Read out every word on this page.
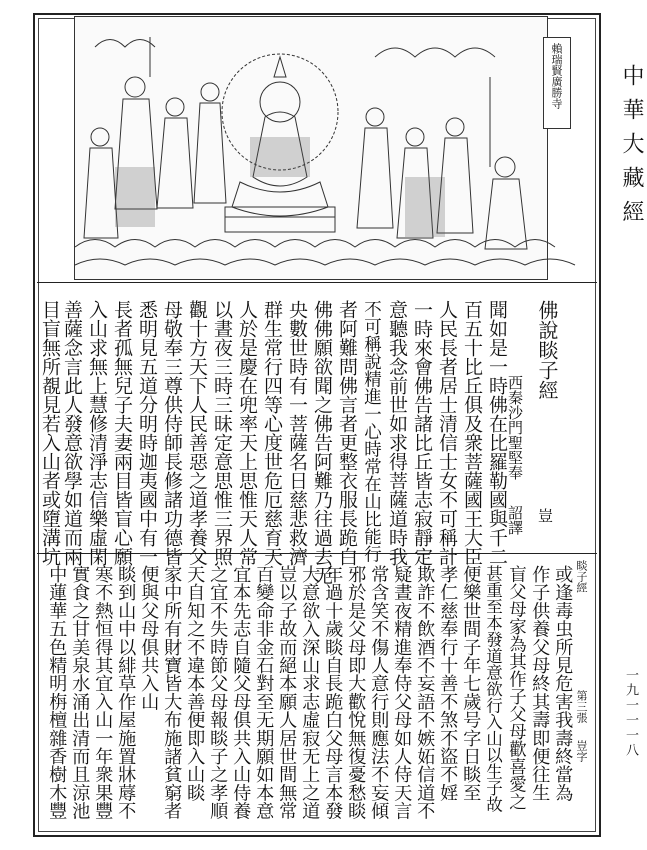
賴瑞賢廣勝寺	中華大藏經
一九一一一八
佛說睒子經
西秦沙門聖堅奉
詔譯 豈
聞如是一時佛在比羅勒國與千二
百五十比丘俱及衆菩薩國王大臣
人民長者居士清信士女不可稱計
一時來會佛告諸比丘皆志寂靜定
意聽我念前世如求得菩薩道時我
不可稱說精進一心時常在山比能行
者阿難問佛言者更整衣服長跪白
佛佛願欲聞之佛告阿難乃往過去无
央數世時有一菩薩名日慈悲救濟
群生常行四等心度世危厄慈育天
人於是慶在兜率天上思惟天人常
以晝夜三時三昧定意思惟三界照
觀十方天下人民善惡之道孝養父
母敬奉三尊供侍師長修諸功德皆
悉明見五道分明時迦夷國中有一
長者孤無兒子夫妻兩目皆盲心願
入山求無上慧修清淨志信樂虛閑
善薩念言此人發意欲學如道而兩
目盲無所覩見若入山者或墮溝坑
睒子經
第三張
豈字
或逢毒虫所見危害我壽終當為
作子供養父母終其壽即便往生
盲父母家為其作子父母歡喜愛之
甚重至本發道意欲行入山以生子故
便樂世間子年七歲号字日睒至
孝仁慈奉行十善不煞不盜不婬
欺詐不飲酒不妄語不嫉妬信道不
疑晝夜精進奉侍父母如人侍天言
常含笑不傷人意行則應法不妄傾
邪於是父母即大歡悅無復憂愁睒
年過十歲睒自長跪白父母言本發
大意欲入深山求志虛寂无上之道
豈以子故而絕本願人居世間無常
百變命非金石對至无期願如本意
宜本先志自隨父母俱共入山侍養
之宜不失時節父母報睒子之孝順
天自知之不違本善便即入山睒
家中所有財寶皆大布施諸貧窮者
便與父母俱共入山
睒到山中以緋草作屋施置牀蓐不
寒不熱恒得其宜入山一年衆果豐
實食之甘美泉水涌出清而且涼池
中蓮華五色精明栴檀雜香樹木豐
